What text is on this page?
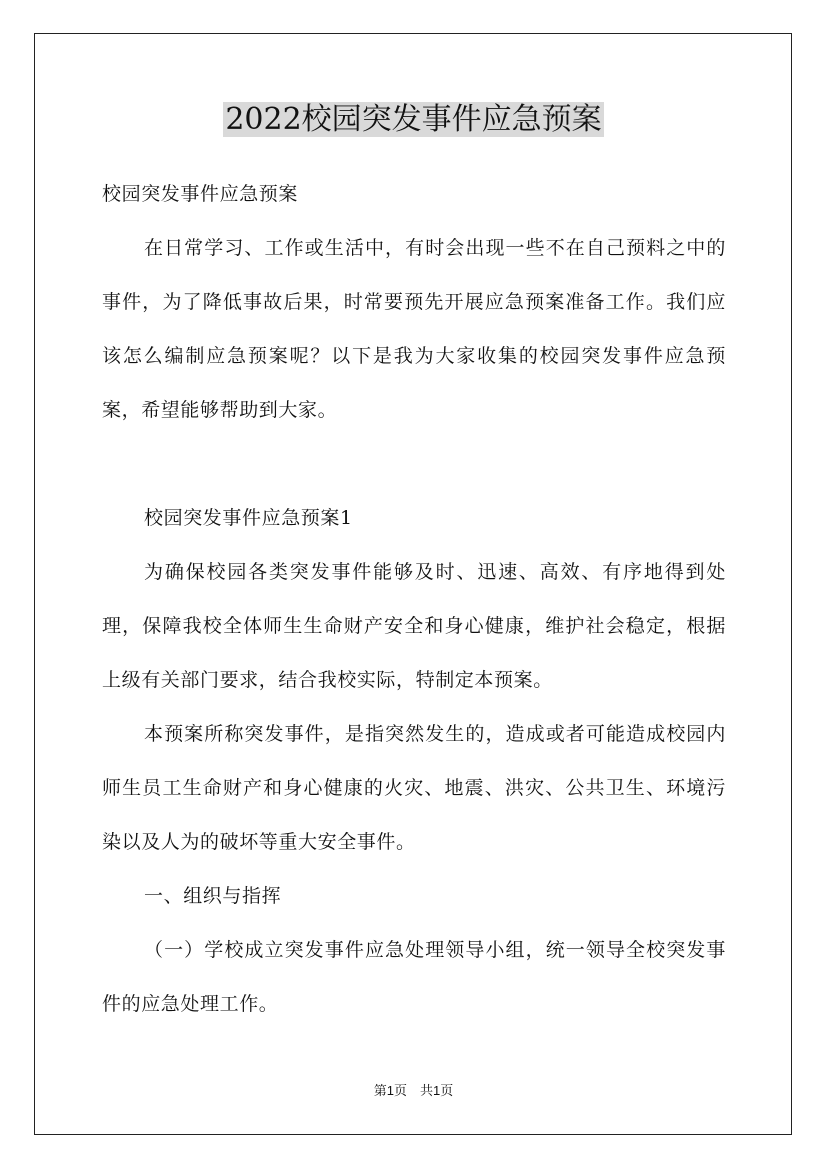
2022校园突发事件应急预案

校园突发事件应急预案

在日常学习、工作或生活中，有时会出现一些不在自己预料之中的事件，为了降低事故后果，时常要预先开展应急预案准备工作。我们应该怎么编制应急预案呢？以下是我为大家收集的校园突发事件应急预案，希望能够帮助到大家。

校园突发事件应急预案1

为确保校园各类突发事件能够及时、迅速、高效、有序地得到处理，保障我校全体师生生命财产安全和身心健康，维护社会稳定，根据上级有关部门要求，结合我校实际，特制定本预案。

本预案所称突发事件，是指突然发生的，造成或者可能造成校园内师生员工生命财产和身心健康的火灾、地震、洪灾、公共卫生、环境污染以及人为的破坏等重大安全事件。

一、组织与指挥

（一）学校成立突发事件应急处理领导小组，统一领导全校突发事件的应急处理工作。

第1页　共1页
